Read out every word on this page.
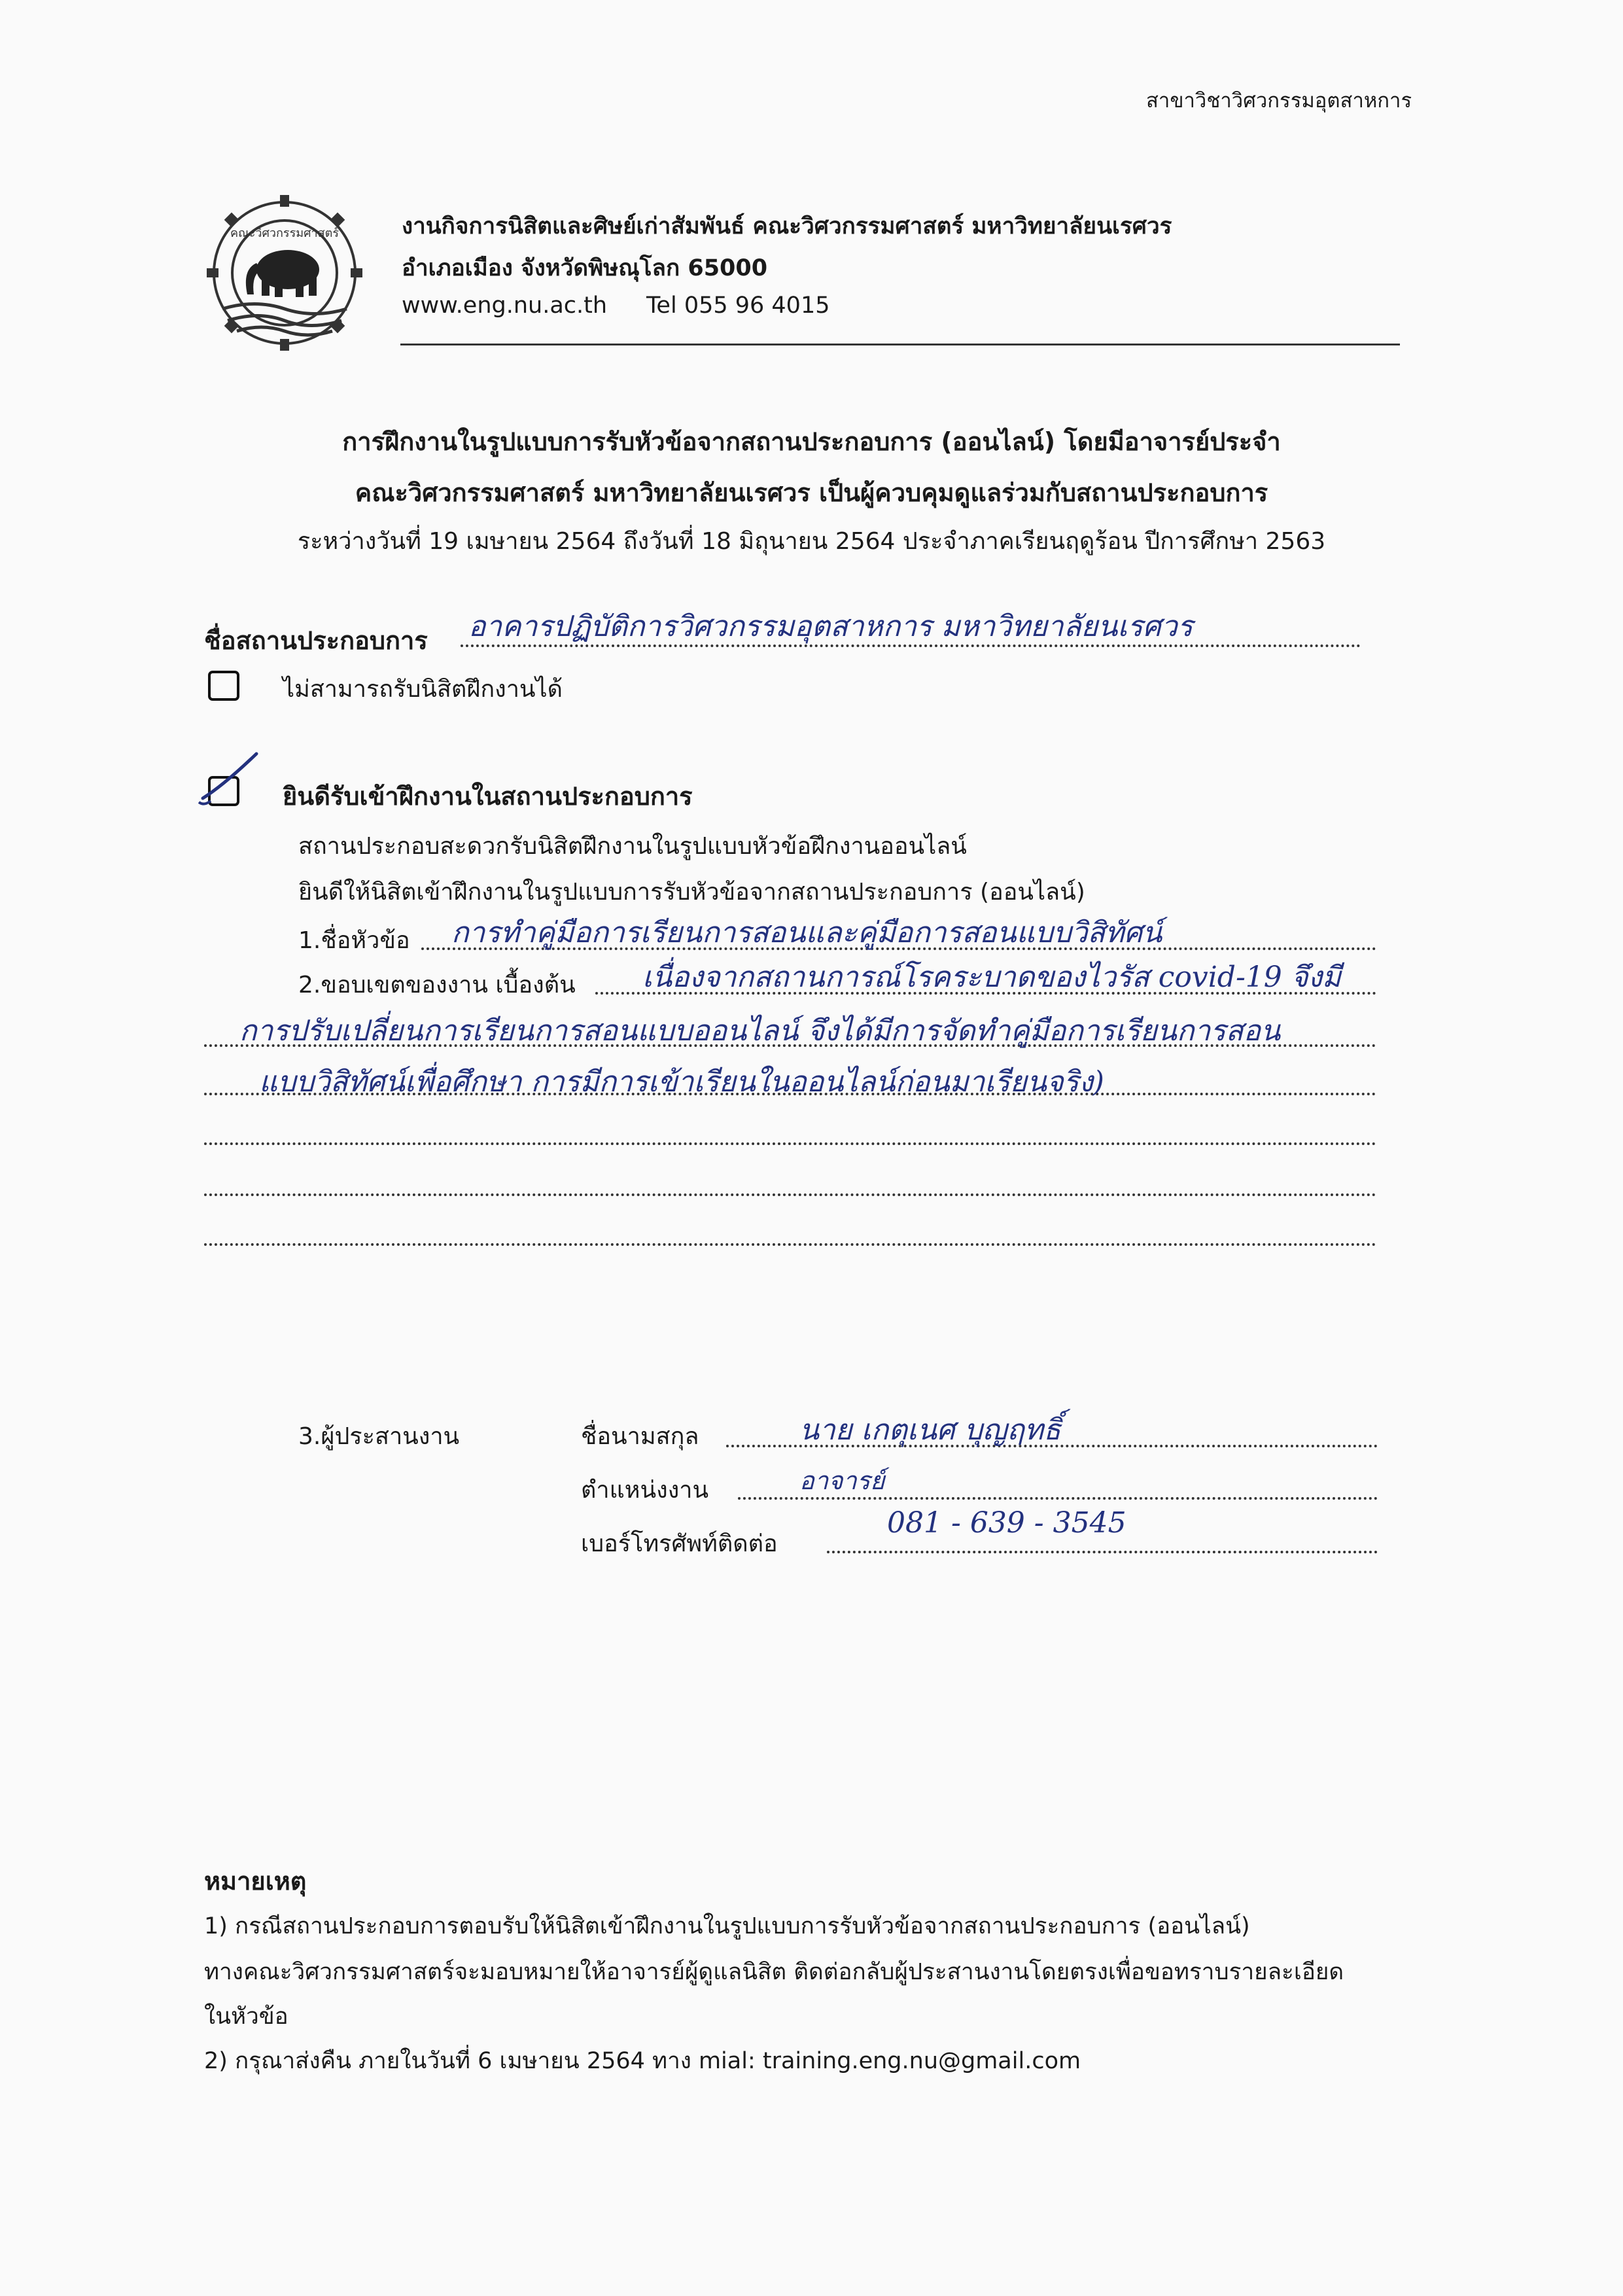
สาขาวิชาวิศวกรรมอุตสาหการ
คณะวิศวกรรมศาสตร์	งานกิจการนิสิตและศิษย์เก่าสัมพันธ์ คณะวิศวกรรมศาสตร์ มหาวิทยาลัยนเรศวร
อำเภอเมือง จังหวัดพิษณุโลก 65000
www.eng.nu.ac.th Tel 055 96 4015
การฝึกงานในรูปแบบการรับหัวข้อจากสถานประกอบการ (ออนไลน์) โดยมีอาจารย์ประจำ
คณะวิศวกรรมศาสตร์ มหาวิทยาลัยนเรศวร เป็นผู้ควบคุมดูแลร่วมกับสถานประกอบการ
ระหว่างวันที่ 19 เมษายน 2564 ถึงวันที่ 18 มิถุนายน 2564 ประจำภาคเรียนฤดูร้อน ปีการศึกษา 2563
ชื่อสถานประกอบการ อาคารปฏิบัติการวิศวกรรมอุตสาหการ มหาวิทยาลัยนเรศวร
ไม่สามารถรับนิสิตฝึกงานได้
ยินดีรับเข้าฝึกงานในสถานประกอบการ
สถานประกอบสะดวกรับนิสิตฝึกงานในรูปแบบหัวข้อฝึกงานออนไลน์
ยินดีให้นิสิตเข้าฝึกงานในรูปแบบการรับหัวข้อจากสถานประกอบการ (ออนไลน์)
1.ชื่อหัวข้อ การทำคู่มือการเรียนการสอนและคู่มือการสอนแบบวิสิทัศน์
2.ขอบเขตของงาน เบื้องต้น เนื่องจากสถานการณ์โรคระบาดของไวรัส covid-19 จึงมี
การปรับเปลี่ยนการเรียนการสอนแบบออนไลน์ จึงได้มีการจัดทำคู่มือการเรียนการสอน
แบบวิสิทัศน์เพื่อศึกษา การมีการเข้าเรียนในออนไลน์ก่อนมาเรียนจริง)
3.ผู้ประสานงาน	ชื่อนามสกุล	นาย เกตุเนศ บุญฤทธิ์
ตำแหน่งงาน	อาจารย์
เบอร์โทรศัพท์ติดต่อ
081 - 639 - 3545
หมายเหตุ
1) กรณีสถานประกอบการตอบรับให้นิสิตเข้าฝึกงานในรูปแบบการรับหัวข้อจากสถานประกอบการ (ออนไลน์)
ทางคณะวิศวกรรมศาสตร์จะมอบหมายให้อาจารย์ผู้ดูแลนิสิต ติดต่อกลับผู้ประสานงานโดยตรงเพื่อขอทราบรายละเอียด
ในหัวข้อ
2) กรุณาส่งคืน ภายในวันที่ 6 เมษายน 2564 ทาง mial: training.eng.nu@gmail.com
